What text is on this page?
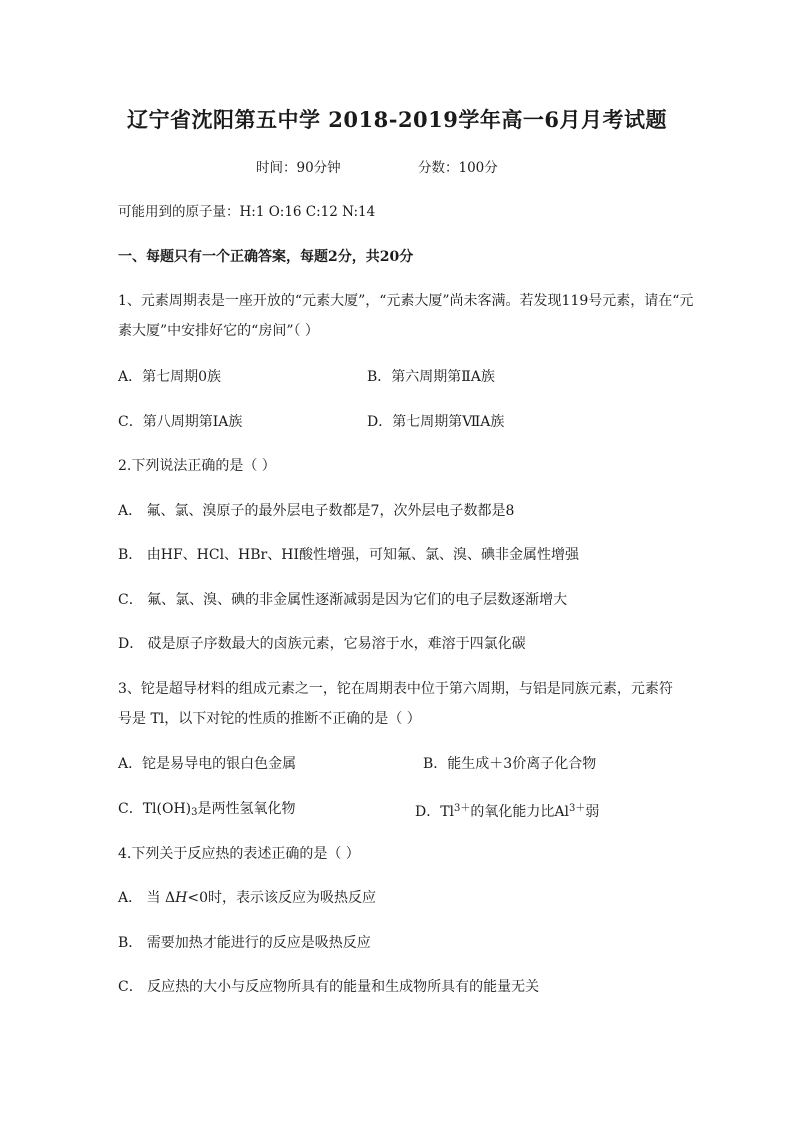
辽宁省沈阳第五中学 2018-2019学年高一6月月考试题
时间：90分钟	分数：100分
可能用到的原子量：H:1 O:16 C:12 N:14
一、每题只有一个正确答案，每题2分，共20分
1、元素周期表是一座开放的“元素大厦”，“元素大厦”尚未客满。若发现119号元素，请在“元
素大厦”中安排好它的“房间”（ ）
A．第七周期0族	B．第六周期第ⅡA族
C．第八周期第ⅠA族	D．第七周期第ⅦA族
2.下列说法正确的是（ ）
A． 氟、氯、溴原子的最外层电子数都是7，次外层电子数都是8
B． 由HF、HCl、HBr、HI酸性增强，可知氟、氯、溴、碘非金属性增强
C． 氟、氯、溴、碘的非金属性逐渐减弱是因为它们的电子层数逐渐增大
D． 砹是原子序数最大的卤族元素，它易溶于水，难溶于四氯化碳
3、铊是超导材料的组成元素之一，铊在周期表中位于第六周期，与铝是同族元素，元素符
号是 Tl，以下对铊的性质的推断不正确的是（ ）
A．铊是易导电的银白色金属	B．能生成＋3价离子化合物
C．$Tl(OH)_3$是两性氢氧化物	D．$Tl^{3+}$的氧化能力比$Al^{3+}$弱
4.下列关于反应热的表述正确的是（ ）
A． 当 ΔH<0时，表示该反应为吸热反应
B． 需要加热才能进行的反应是吸热反应
C． 反应热的大小与反应物所具有的能量和生成物所具有的能量无关
